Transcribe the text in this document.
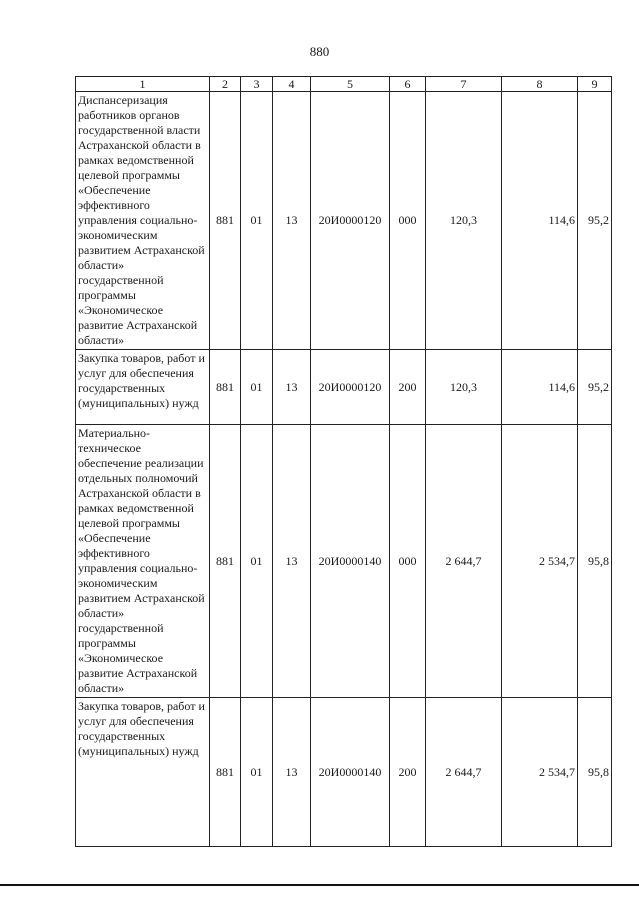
880
1	2	3	4	5	6	7	8	9
Диспансеризация работников органов государственной власти Астраханской области в рамках ведомственной целевой программы «Обеспечение эффективного управления социально-экономическим развитием Астраханской области» государственной программы «Экономическое развитие Астраханской области»	881	01	13	20И0000120	000	120,3	114,6	95,2
Закупка товаров, работ и услуг для обеспечения государственных (муниципальных) нужд	881	01	13	20И0000120	200	120,3	114,6	95,2
Материально-техническое обеспечение реализации отдельных полномочий Астраханской области в рамках ведомственной целевой программы «Обеспечение эффективного управления социально-экономическим развитием Астраханской области» государственной программы «Экономическое развитие Астраханской области»	881	01	13	20И0000140	000	2 644,7	2 534,7	95,8
Закупка товаров, работ и услуг для обеспечения государственных (муниципальных) нужд	881	01	13	20И0000140	200	2 644,7	2 534,7	95,8
